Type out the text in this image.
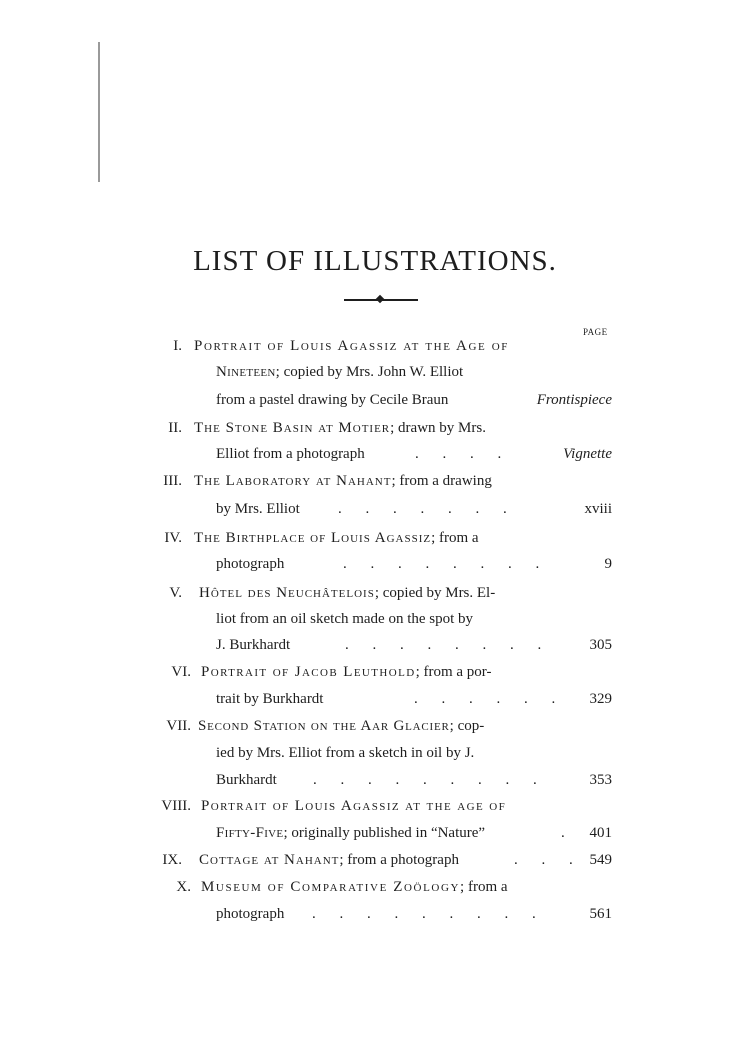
LIST OF ILLUSTRATIONS.
PAGE
I. Portrait of Louis Agassiz at the Age of
Nineteen; copied by Mrs. John W. Elliot
from a pastel drawing by Cecile Braun	Frontispiece
II. The Stone Basin at Motier; drawn by Mrs.
Elliot from a photograph	. . . .	Vignette
III. The Laboratory at Nahant; from a drawing
by Mrs. Elliot	. . . . . . .	xviii
IV. The Birthplace of Louis Agassiz; from a
photograph	. . . . . . . .	9
V. Hôtel des Neuchâtelois; copied by Mrs. El-
liot from an oil sketch made on the spot by
J. Burkhardt	. . . . . . . .	305
VI. Portrait of Jacob Leuthold; from a por-
trait by Burkhardt	. . . . . . 329
VII. Second Station on the Aar Glacier; cop-
ied by Mrs. Elliot from a sketch in oil by J.
Burkhardt . . . . . . . . .	353
VIII. Portrait of Louis Agassiz at the age of
Fifty-Five; originally published in “Nature”	. 401
IX. Cottage at Nahant; from a photograph	. . . 549
X. Museum of Comparative Zoölogy; from a
photograph . . . . . . . . .	561
